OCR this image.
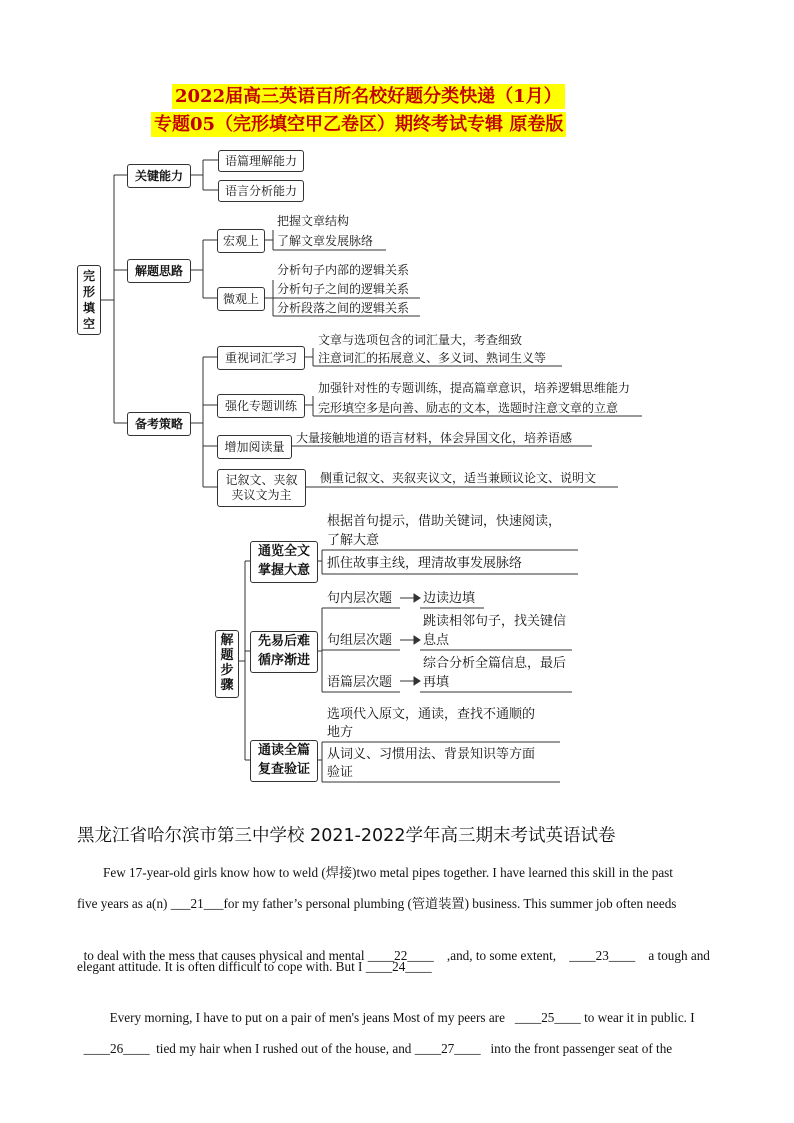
2022届高三英语百所名校好题分类快递（1月）
专题05（完形填空甲乙卷区）期终考试专辑 原卷版
完形填空
关键能力
语篇理解能力
语言分析能力
解题思路
宏观上
把握文章结构
了解文章发展脉络
微观上
分析句子内部的逻辑关系
分析句子之间的逻辑关系
分析段落之间的逻辑关系
备考策略
重视词汇学习
文章与选项包含的词汇量大，考查细致
注意词汇的拓展意义、多义词、熟词生义等
强化专题训练
加强针对性的专题训练，提高篇章意识，培养逻辑思维能力
完形填空多是向善、励志的文本，选题时注意文章的立意
增加阅读量
大量接触地道的语言材料，体会异国文化，培养语感
记叙文、夹叙夹议文为主
侧重记叙文、夹叙夹议文，适当兼顾议论文、说明文
解题步骤
通览全文掌握大意
根据首句提示，借助关键词，快速阅读，
了解大意
抓住故事主线，理清故事发展脉络
先易后难循序渐进
句内层次题 边读边填
句组层次题
跳读相邻句子，找关键信息点
语篇层次题
综合分析全篇信息，最后再填
通读全篇复查验证
选项代入原文，通读，查找不通顺的
地方
从词义、习惯用法、背景知识等方面
验证
黑龙江省哈尔滨市第三中学校 2021-2022学年高三期末考试英语试卷
Few 17-year-old girls know how to weld (焊接)two metal pipes together. I have learned this skill in the past
five years as a(n) ___21___for my father’s personal plumbing (管道装置) business. This summer job often needs

to deal with the mess that causes physical and mental ____22____    ,and, to some extent,    ____23____    a tough and

elegant attitude. It is often difficult to cope with. But I ____24____

Every morning, I have to put on a pair of men's jeans Most of my peers are   ____25____ to wear it in public. I

____26____  tied my hair when I rushed out of the house, and ____27____   into the front passenger seat of the
